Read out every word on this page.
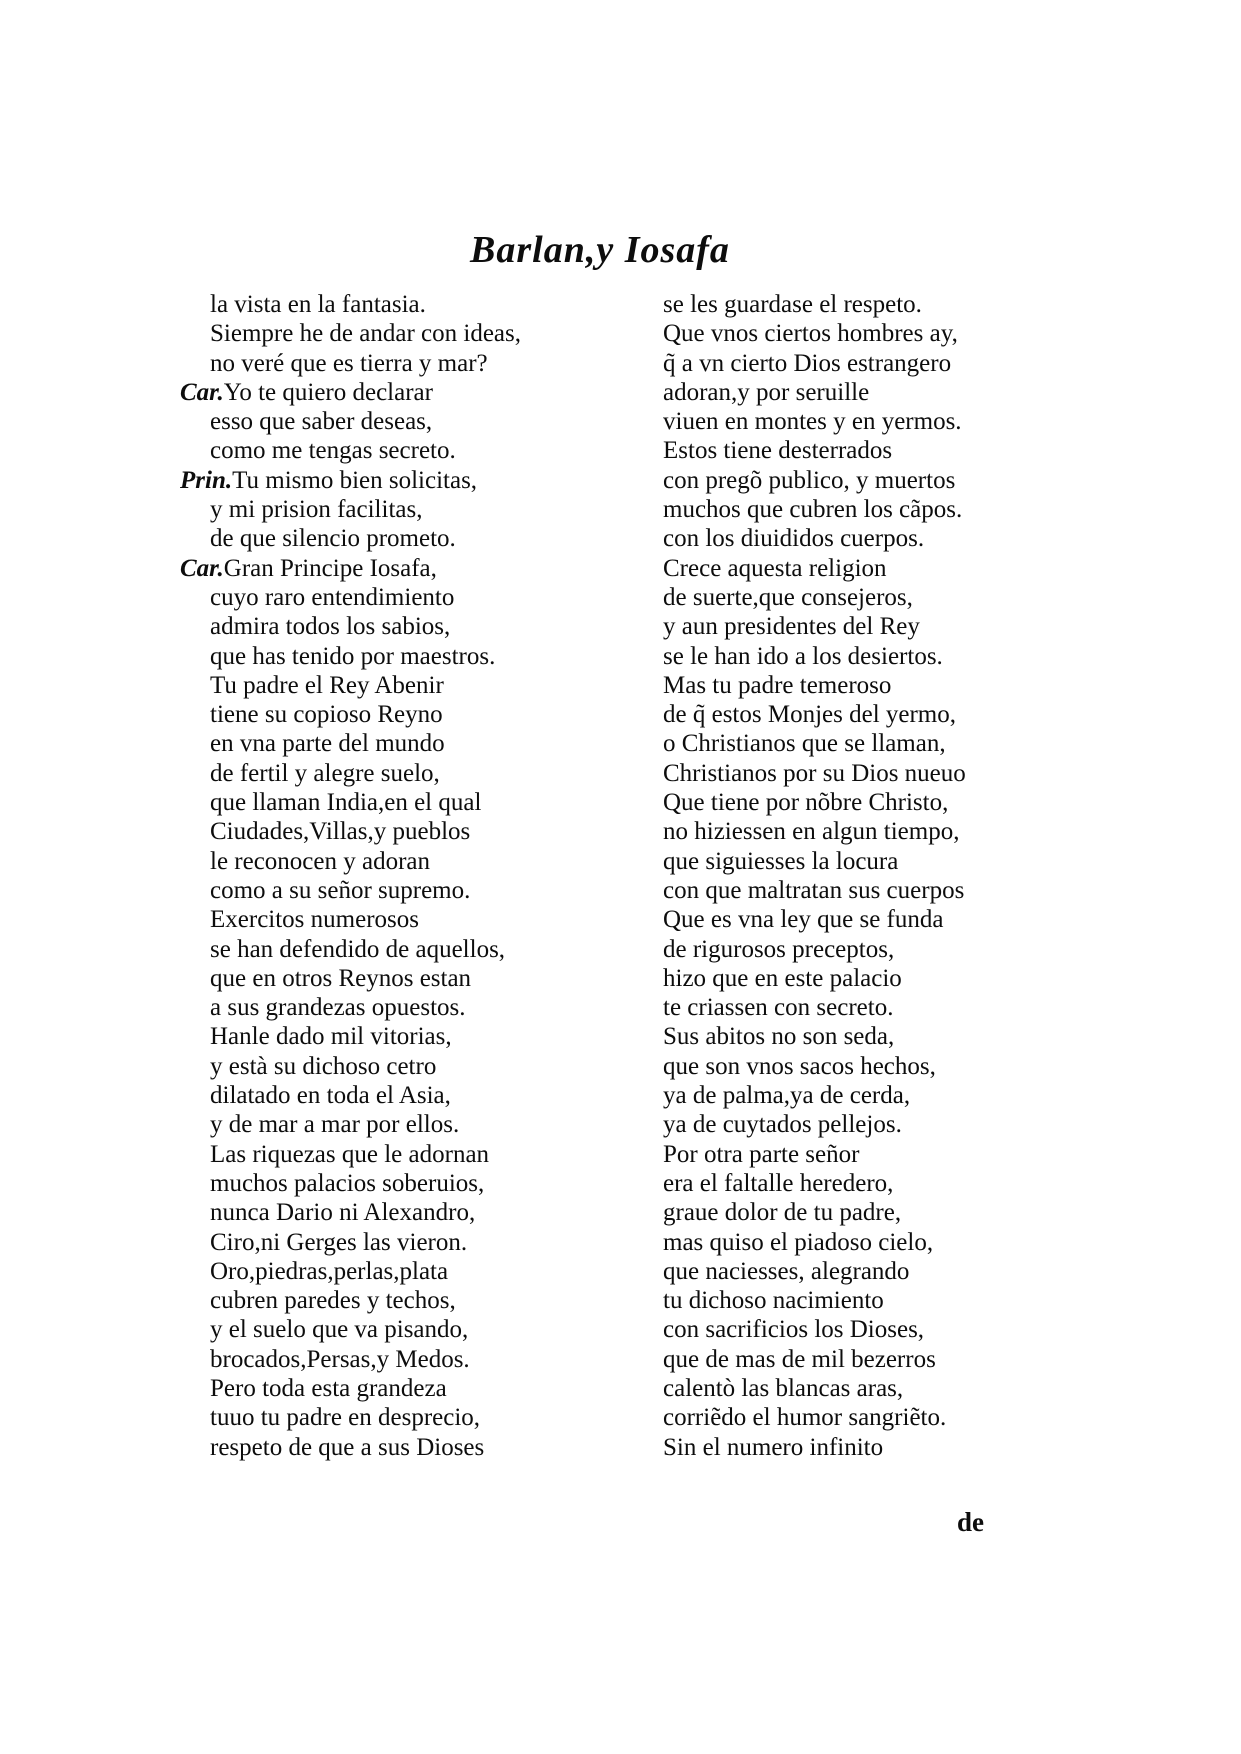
Barlan,y Iosafa
la vista en la fantasia.
Siempre he de andar con ideas,
no veré que es tierra y mar?
Car.Yo te quiero declarar
esso que saber deseas,
como me tengas secreto.
Prin.Tu mismo bien solicitas,
y mi prision facilitas,
de que silencio prometo.
Car.Gran Principe Iosafa,
cuyo raro entendimiento
admira todos los sabios,
que has tenido por maestros.
Tu padre el Rey Abenir
tiene su copioso Reyno
en vna parte del mundo
de fertil y alegre suelo,
que llaman India,en el qual
Ciudades,Villas,y pueblos
le reconocen y adoran
como a su señor supremo.
Exercitos numerosos
se han defendido de aquellos,
que en otros Reynos estan
a sus grandezas opuestos.
Hanle dado mil vitorias,
y està su dichoso cetro
dilatado en toda el Asia,
y de mar a mar por ellos.
Las riquezas que le adornan
muchos palacios soberuios,
nunca Dario ni Alexandro,
Ciro,ni Gerges las vieron.
Oro,piedras,perlas,plata
cubren paredes y techos,
y el suelo que va pisando,
brocados,Persas,y Medos.
Pero toda esta grandeza
tuuo tu padre en desprecio,
respeto de que a sus Dioses
se les guardase el respeto.
Que vnos ciertos hombres ay,
q̃ a vn cierto Dios estrangero
adoran,y por seruille
viuen en montes y en yermos.
Estos tiene desterrados
con pregõ publico, y muertos
muchos que cubren los cãpos.
con los diuididos cuerpos.
Crece aquesta religion
de suerte,que consejeros,
y aun presidentes del Rey
se le han ido a los desiertos.
Mas tu padre temeroso
de q̃ estos Monjes del yermo,
o Christianos que se llaman,
Christianos por su Dios nueuo
Que tiene por nõbre Christo,
no hiziessen en algun tiempo,
que siguiesses la locura
con que maltratan sus cuerpos
Que es vna ley que se funda
de rigurosos preceptos,
hizo que en este palacio
te criassen con secreto.
Sus abitos no son seda,
que son vnos sacos hechos,
ya de palma,ya de cerda,
ya de cuytados pellejos.
Por otra parte señor
era el faltalle heredero,
graue dolor de tu padre,
mas quiso el piadoso cielo,
que naciesses, alegrando
tu dichoso nacimiento
con sacrificios los Dioses,
que de mas de mil bezerros
calentò las blancas aras,
corriẽdo el humor sangriẽto.
Sin el numero infinito
de
